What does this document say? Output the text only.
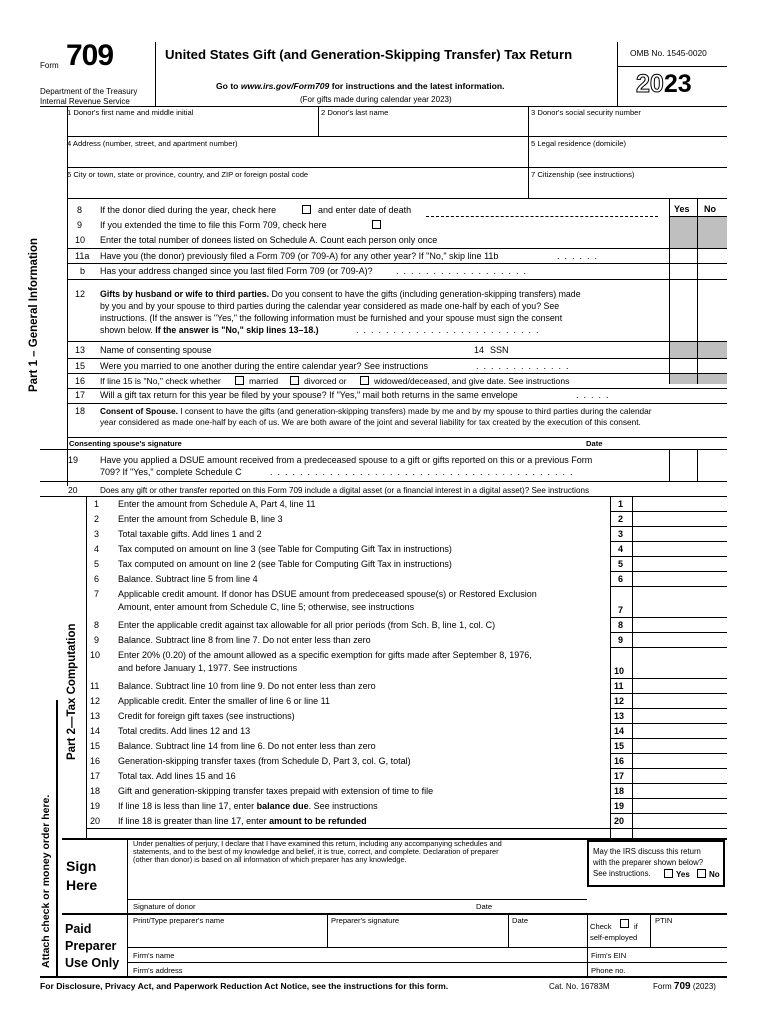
Form 709
Department of the Treasury
Internal Revenue Service
United States Gift (and Generation-Skipping Transfer) Tax Return
Go to www.irs.gov/Form709 for instructions and the latest information.
(For gifts made during calendar year 2023)
OMB No. 1545-0020
2023
1 Donor's first name and middle initial	2 Donor's last name	3 Donor's social security number
4 Address (number, street, and apartment number)	5 Legal residence (domicile)
6 City or town, state or province, country, and ZIP or foreign postal code	7 Citizenship (see instructions)
Part 1 – General Information
Yes No
8 If the donor died during the year, check here	and enter date of death
9 If you extended the time to file this Form 709, check here
10 Enter the total number of donees listed on Schedule A. Count each person only once
11a Have you (the donor) previously filed a Form 709 (or 709-A) for any other year? If "No," skip line 11b	......
b Has your address changed since you last filed Form 709 (or 709-A)?	..................
12 Gifts by husband or wife to third parties. Do you consent to have the gifts (including generation-skipping transfers) made
by you and by your spouse to third parties during the calendar year considered as made one-half by each of you? See
instructions. (If the answer is "Yes," the following information must be furnished and your spouse must sign the consent
shown below. If the answer is "No," skip lines 13–18.)	.........................
13 Name of consenting spouse	14 SSN
15 Were you married to one another during the entire calendar year? See instructions	.............
16 If line 15 is "No," check whether	married	divorced or	widowed/deceased, and give date. See instructions
17 Will a gift tax return for this year be filed by your spouse? If "Yes," mail both returns in the same envelope	.....
18 Consent of Spouse. I consent to have the gifts (and generation-skipping transfers) made by me and by my spouse to third parties during the calendar
year considered as made one-half by each of us. We are both aware of the joint and several liability for tax created by the execution of this consent.
Consenting spouse's signature	Date
19 Have you applied a DSUE amount received from a predeceased spouse to a gift or gifts reported on this or a previous Form
709? If "Yes," complete Schedule C	.........................................
20	Does any gift or other transfer reported on this Form 709 include a digital asset (or a financial interest in a digital asset)? See instructions
Part 2—Tax Computation
1 Enter the amount from Schedule A, Part 4, line 11	1
2 Enter the amount from Schedule B, line 3	2
3 Total taxable gifts. Add lines 1 and 2	3
4 Tax computed on amount on line 3 (see Table for Computing Gift Tax in instructions)	4
5 Tax computed on amount on line 2 (see Table for Computing Gift Tax in instructions)	5
6 Balance. Subtract line 5 from line 4	6
7 Applicable credit amount. If donor has DSUE amount from predeceased spouse(s) or Restored Exclusion
Amount, enter amount from Schedule C, line 5; otherwise, see instructions	7
8 Enter the applicable credit against tax allowable for all prior periods (from Sch. B, line 1, col. C)	8
9 Balance. Subtract line 8 from line 7. Do not enter less than zero	9
10 Enter 20% (0.20) of the amount allowed as a specific exemption for gifts made after September 8, 1976,
and before January 1, 1977. See instructions	10
11 Balance. Subtract line 10 from line 9. Do not enter less than zero	11
12 Applicable credit. Enter the smaller of line 6 or line 11	12
13 Credit for foreign gift taxes (see instructions)	13
14 Total credits. Add lines 12 and 13	14
15 Balance. Subtract line 14 from line 6. Do not enter less than zero	15
16 Generation-skipping transfer taxes (from Schedule D, Part 3, col. G, total)	16
17 Total tax. Add lines 15 and 16	17
18 Gift and generation-skipping transfer taxes prepaid with extension of time to file	18
19 If line 18 is less than line 17, enter balance due. See instructions	19
20 If line 18 is greater than line 17, enter amount to be refunded	20
Attach check or money order here. Sign
Here
Under penalties of perjury, I declare that I have examined this return, including any accompanying schedules and
statements, and to the best of my knowledge and belief, it is true, correct, and complete. Declaration of preparer
(other than donor) is based on all information of which preparer has any knowledge.
May the IRS discuss this return
with the preparer shown below?
See instructions.	Yes No
Signature of donor	Date
Paid
Preparer
Use Only
Print/Type preparer's name	Preparer's signature	Date
Check	if
self-employed
PTIN
Firm's name	Firm's EIN
Firm's address	Phone no.
For Disclosure, Privacy Act, and Paperwork Reduction Act Notice, see the instructions for this form.	Cat. No. 16783M	Form 709 (2023)
